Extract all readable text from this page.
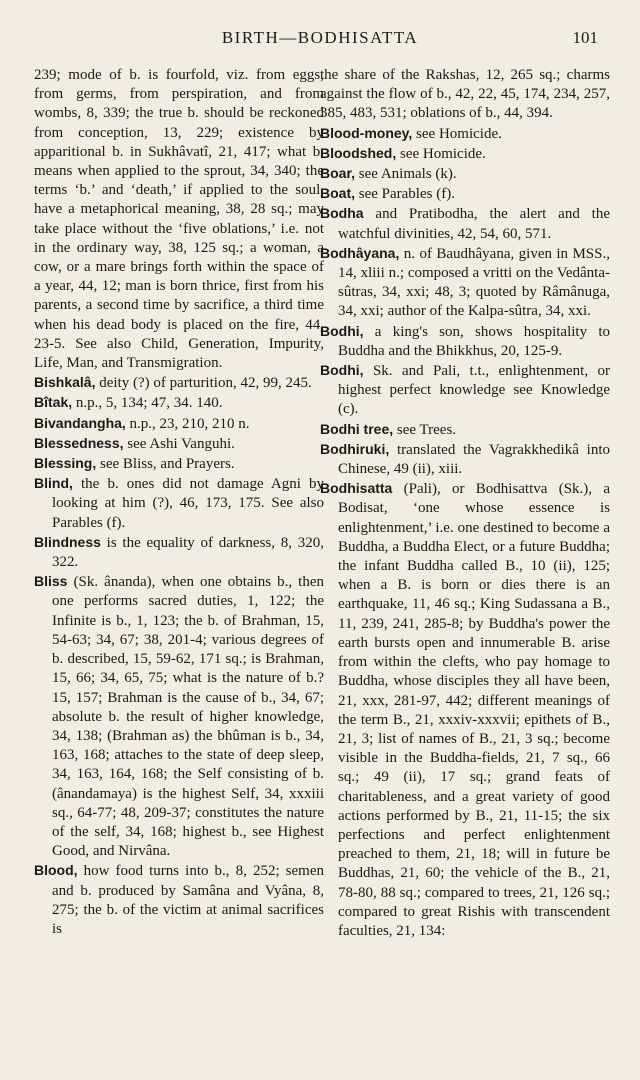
BIRTH—BODHISATTA	101

239; mode of b. is fourfold, viz. from eggs, from germs, from perspiration, and from wombs, 8, 339; the true b. should be reckoned from conception, 13, 229; existence by apparitional b. in Sukhâvatî, 21, 417; what b. means when applied to the sprout, 34, 340; the terms ‘b.’ and ‘death,’ if applied to the soul, have a metaphorical meaning, 38, 28 sq.; may take place without the ‘five oblations,’ i.e. not in the ordinary way, 38, 125 sq.; a woman, a cow, or a mare brings forth within the space of a year, 44, 12; man is born thrice, first from his parents, a second time by sacrifice, a third time when his dead body is placed on the fire, 44, 23-5. See also Child, Generation, Impurity, Life, Man, and Transmigration.

Bishkalâ, deity (?) of parturition, 42, 99, 245.

Bîtak, n.p., 5, 134; 47, 34. 140.

Bivandangha, n.p., 23, 210, 210 n.

Blessedness, see Ashi Vanguhi.

Blessing, see Bliss, and Prayers.

Blind, the b. ones did not damage Agni by looking at him (?), 46, 173, 175. See also Parables (f).

Blindness is the equality of darkness, 8, 320, 322.

Bliss (Sk. ânanda), when one obtains b., then one performs sacred duties, 1, 122; the Infinite is b., 1, 123; the b. of Brahman, 15, 54-63; 34, 67; 38, 201-4; various degrees of b. described, 15, 59-62, 171 sq.; is Brahman, 15, 66; 34, 65, 75; what is the nature of b.? 15, 157; Brahman is the cause of b., 34, 67; absolute b. the result of higher knowledge, 34, 138; (Brahman as) the bhûman is b., 34, 163, 168; attaches to the state of deep sleep, 34, 163, 164, 168; the Self consisting of b. (ânandamaya) is the highest Self, 34, xxxiii sq., 64-77; 48, 209-37; constitutes the nature of the self, 34, 168; highest b., see Highest Good, and Nirvâna.

Blood, how food turns into b., 8, 252; semen and b. produced by Samâna and Vyâna, 8, 275; the b. of the victim at animal sacrifices is

the share of the Rakshas, 12, 265 sq.; charms against the flow of b., 42, 22, 45, 174, 234, 257, 385, 483, 531; oblations of b., 44, 394.

Blood-money, see Homicide.

Bloodshed, see Homicide.

Boar, see Animals (k).

Boat, see Parables (f).

Bodha and Pratibodha, the alert and the watchful divinities, 42, 54, 60, 571.

Bodhâyana, n. of Baudhâyana, given in MSS., 14, xliii n.; composed a vritti on the Vedânta-sûtras, 34, xxi; 48, 3; quoted by Râmânuga, 34, xxi; author of the Kalpa-sûtra, 34, xxi.

Bodhi, a king's son, shows hospitality to Buddha and the Bhikkhus, 20, 125-9.

Bodhi, Sk. and Pali, t.t., enlightenment, or highest perfect knowledge see Knowledge (c).

Bodhi tree, see Trees.

Bodhiruki, translated the Vagrakkhedikâ into Chinese, 49 (ii), xiii.

Bodhisatta (Pali), or Bodhisattva (Sk.), a Bodisat, ‘one whose essence is enlightenment,’ i.e. one destined to become a Buddha, a Buddha Elect, or a future Buddha; the infant Buddha called B., 10 (ii), 125; when a B. is born or dies there is an earthquake, 11, 46 sq.; King Sudassana a B., 11, 239, 241, 285-8; by Buddha's power the earth bursts open and innumerable B. arise from within the clefts, who pay homage to Buddha, whose disciples they all have been, 21, xxx, 281-97, 442; different meanings of the term B., 21, xxxiv-xxxvii; epithets of B., 21, 3; list of names of B., 21, 3 sq.; become visible in the Buddha-fields, 21, 7 sq., 66 sq.; 49 (ii), 17 sq.; grand feats of charitableness, and a great variety of good actions performed by B., 21, 11-15; the six perfections and perfect enlightenment preached to them, 21, 18; will in future be Buddhas, 21, 60; the vehicle of the B., 21, 78-80, 88 sq.; compared to trees, 21, 126 sq.; compared to great Rishis with transcendent faculties, 21, 134:
